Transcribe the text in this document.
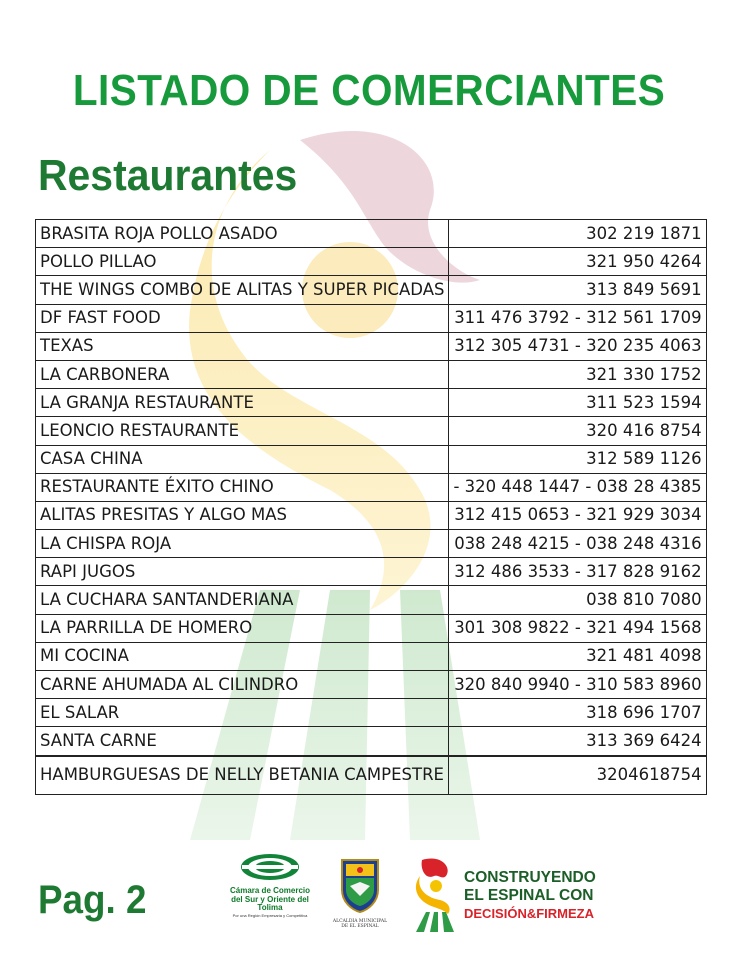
LISTADO DE COMERCIANTES
Restaurantes
BRASITA ROJA POLLO ASADO	302 219 1871
POLLO PILLAO	321 950 4264
THE WINGS COMBO DE ALITAS Y SUPER PICADAS	313 849 5691
DF FAST FOOD	311 476 3792 - 312 561 1709
TEXAS	312 305 4731 - 320 235 4063
LA CARBONERA	321 330 1752
LA GRANJA RESTAURANTE	311 523 1594
LEONCIO RESTAURANTE	320 416 8754
CASA CHINA	312 589 1126
RESTAURANTE ÉXITO CHINO	- 320 448 1447 - 038 28 4385
ALITAS PRESITAS Y ALGO MAS	312 415 0653 - 321 929 3034
LA CHISPA ROJA	038 248 4215 - 038 248 4316
RAPI JUGOS	312 486 3533 - 317 828 9162
LA CUCHARA SANTANDERIANA	038 810 7080
LA PARRILLA DE HOMERO	301 308 9822 - 321 494 1568
MI COCINA	321 481 4098
CARNE AHUMADA AL CILINDRO	320 840 9940 - 310 583 8960
EL SALAR	318 696 1707
SANTA CARNE	313 369 6424
HAMBURGUESAS DE NELLY BETANIA CAMPESTRE	3204618754
Pag. 2	Cámara de Comercio
del Sur y Oriente del Tolima
Por una Región Empresaria y Competitiva
ALCALDIA MUNICIPAL
DE EL ESPINAL
CONSTRUYENDO
EL ESPINAL CON
DECISIÓN&FIRMEZA
